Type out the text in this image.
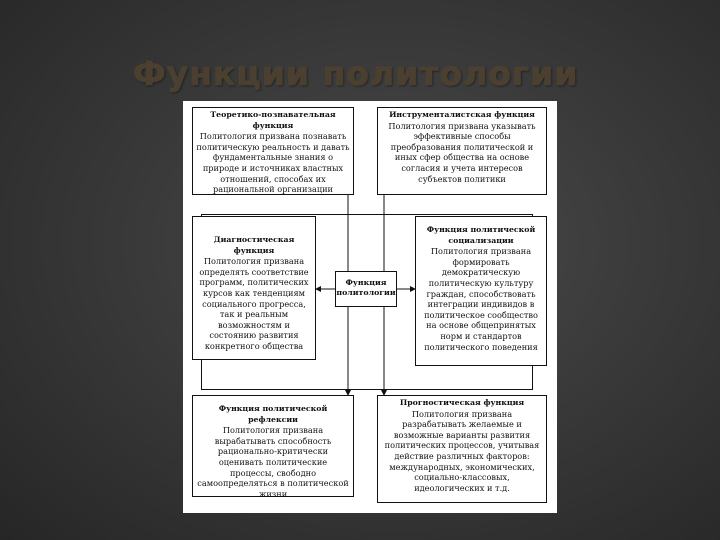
Функции политологии
Теоретико-познавательная функция
Политология призвана познавать политическую реальность и давать фундаментальные знания о природе и источниках властных отношений, способах их рациональной организации
Инструменталистская функция
Политология призвана указывать эффективные способы преобразования политической и иных сфер общества на основе согласия и учета интересов субъектов политики
Диагностическая функция
Политология призвана определять соответствие программ, политических курсов как тенденциям социального прогресса, так и реальным возможностям и состоянию развития конкретного общества
Функция политологии
Функция политической социализации
Политология призвана формировать демократическую политическую культуру граждан, способствовать интеграции индивидов в политическое сообщество на основе общепринятых норм и стандартов политического поведения
Функция политической рефлексии
Политология призвана вырабатывать способность рационально-критически оценивать политические процессы, свободно самоопределяться в политической жизни
Прогностическая функция
Политология призвана разрабатывать желаемые и возможные варианты развития политических процессов, учитывая действие различных факторов: международных, экономических, социально-классовых, идеологических и т.д.
